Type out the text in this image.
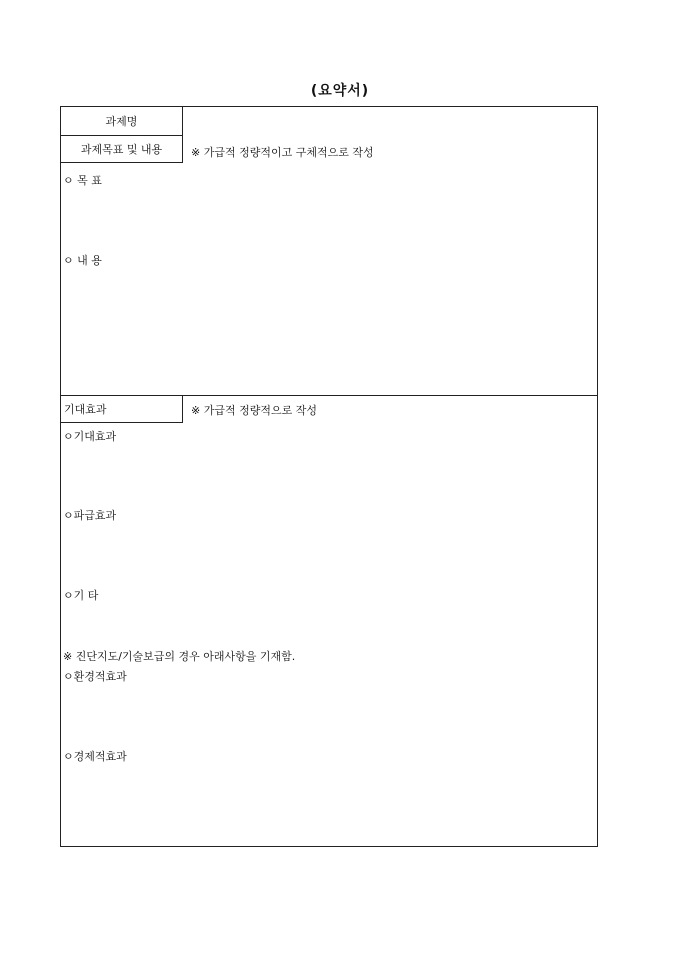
(요약서)
과제명
과제목표 및 내용	※ 가급적 정량적이고 구체적으로 작성
ㅇ 목 표
ㅇ 내 용
기대효과	※ 가급적 정량적으로 작성
ㅇ기대효과
ㅇ파급효과
ㅇ기 타
※ 진단지도/기술보급의 경우 아래사항을 기재함.
ㅇ환경적효과
ㅇ경제적효과
